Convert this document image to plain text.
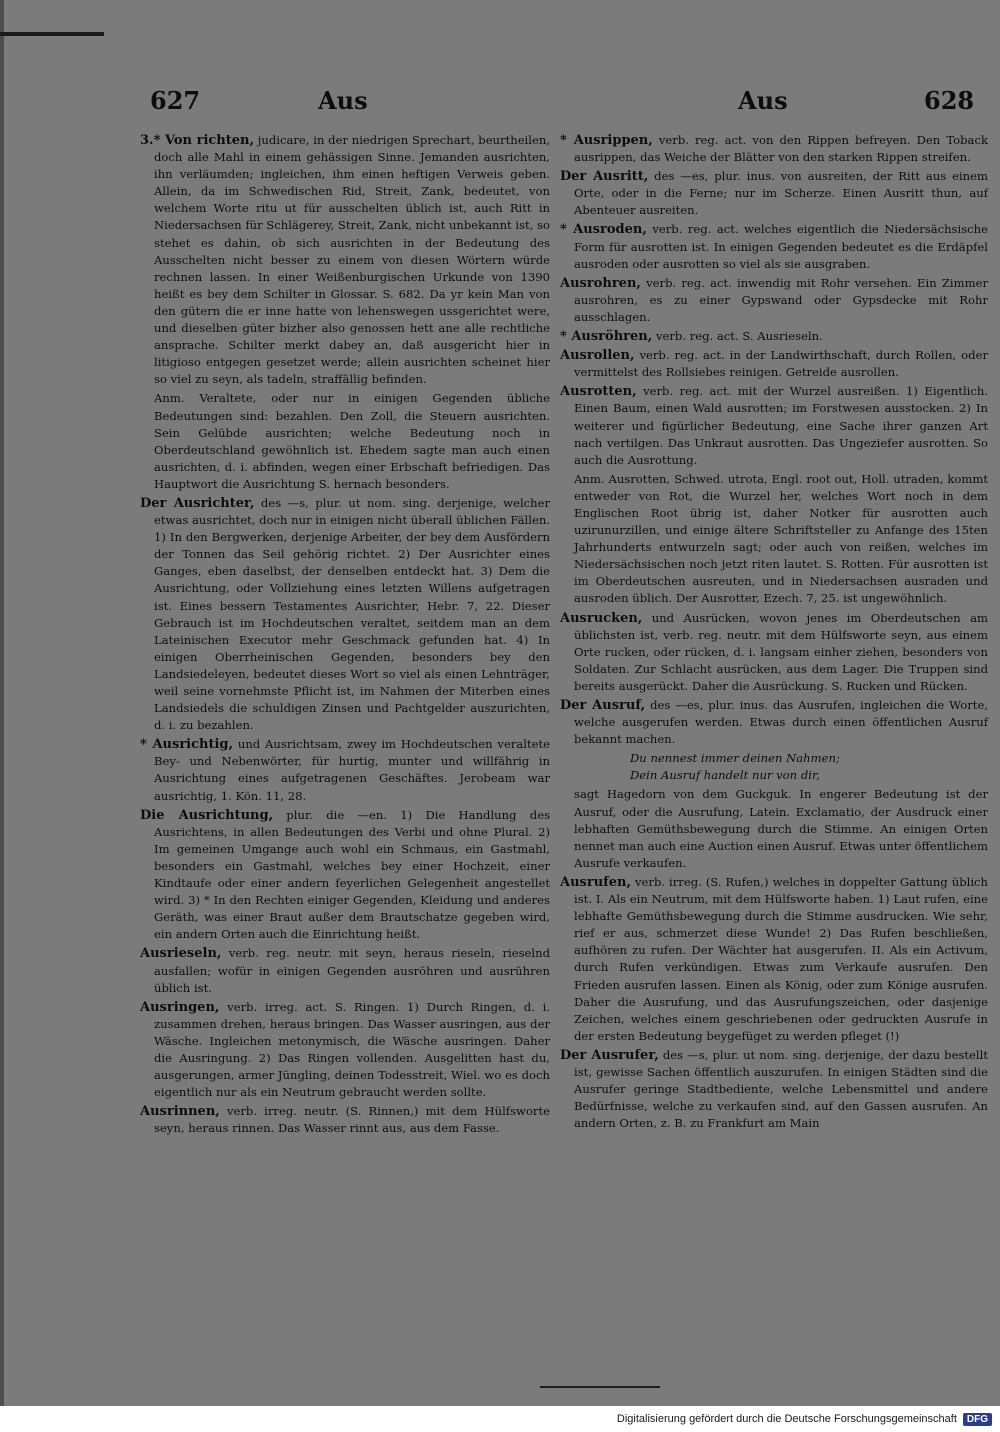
627	Aus	Aus	628

3.* Von richten, judicare, in der niedrigen Sprechart, beurtheilen, doch alle Mahl in einem gehässigen Sinne. Jemanden ausrichten, ihn verläumden; ingleichen, ihm einen heftigen Verweis geben. Allein, da im Schwedischen Rid, Streit, Zank, bedeutet, von welchem Worte ritu ut für ausschelten üblich ist, auch Ritt in Niedersachsen für Schlägerey, Streit, Zank, nicht unbekannt ist, so stehet es dahin, ob sich ausrichten in der Bedeutung des Ausschelten nicht besser zu einem von diesen Wörtern würde rechnen lassen. In einer Weißenburgischen Urkunde von 1390 heißt es bey dem Schilter in Glossar. S. 682. Da yr kein Man von den gütern die er inne hatte von lehenswegen ussgerichtet were, und dieselben güter bizher also genossen hett ane alle rechtliche ansprache. Schilter merkt dabey an, daß ausgericht hier in litigioso entgegen gesetzet werde; allein ausrichten scheinet hier so viel zu seyn, als tadeln, straffällig befinden.

Anm. Veraltete, oder nur in einigen Gegenden übliche Bedeutungen sind: bezahlen. Den Zoll, die Steuern ausrichten. Sein Gelübde ausrichten; welche Bedeutung noch in Oberdeutschland gewöhnlich ist. Ehedem sagte man auch einen ausrichten, d. i. abfinden, wegen einer Erbschaft befriedigen. Das Hauptwort die Ausrichtung S. hernach besonders.

Der Ausrichter, des —s, plur. ut nom. sing. derjenige, welcher etwas ausrichtet, doch nur in einigen nicht überall üblichen Fällen. 1) In den Bergwerken, derjenige Arbeiter, der bey dem Ausfördern der Tonnen das Seil gehörig richtet. 2) Der Ausrichter eines Ganges, eben daselbst, der denselben entdeckt hat. 3) Dem die Ausrichtung, oder Vollziehung eines letzten Willens aufgetragen ist. Eines bessern Testamentes Ausrichter, Hebr. 7, 22. Dieser Gebrauch ist im Hochdeutschen veraltet, seitdem man an dem Lateinischen Executor mehr Geschmack gefunden hat. 4) In einigen Oberrheinischen Gegenden, besonders bey den Landsiedeleyen, bedeutet dieses Wort so viel als einen Lehnträger, weil seine vornehmste Pflicht ist, im Nahmen der Miterben eines Landsiedels die schuldigen Zinsen und Pachtgelder auszurichten, d. i. zu bezahlen.

* Ausrichtig, und Ausrichtsam, zwey im Hochdeutschen veraltete Bey- und Nebenwörter, für hurtig, munter und willfährig in Ausrichtung eines aufgetragenen Geschäftes. Jerobeam war ausrichtig, 1. Kön. 11, 28.

Die Ausrichtung, plur. die —en. 1) Die Handlung des Ausrichtens, in allen Bedeutungen des Verbi und ohne Plural. 2) Im gemeinen Umgange auch wohl ein Schmaus, ein Gastmahl, besonders ein Gastmahl, welches bey einer Hochzeit, einer Kindtaufe oder einer andern feyerlichen Gelegenheit angestellet wird. 3) * In den Rechten einiger Gegenden, Kleidung und anderes Geräth, was einer Braut außer dem Brautschatze gegeben wird, ein andern Orten auch die Einrichtung heißt.

Ausrieseln, verb. reg. neutr. mit seyn, heraus rieseln, rieselnd ausfallen; wofür in einigen Gegenden ausröhren und ausrühren üblich ist.

Ausringen, verb. irreg. act. S. Ringen. 1) Durch Ringen, d. i. zusammen drehen, heraus bringen. Das Wasser ausringen, aus der Wäsche. Ingleichen metonymisch, die Wäsche ausringen. Daher die Ausringung. 2) Das Ringen vollenden. Ausgelitten hast du, ausgerungen, armer Jüngling, deinen Todesstreit, Wiel. wo es doch eigentlich nur als ein Neutrum gebraucht werden sollte.

Ausrinnen, verb. irreg. neutr. (S. Rinnen,) mit dem Hülfsworte seyn, heraus rinnen. Das Wasser rinnt aus, aus dem Fasse.

* Ausrippen, verb. reg. act. von den Rippen befreyen. Den Toback ausrippen, das Weiche der Blätter von den starken Rippen streifen.

Der Ausritt, des —es, plur. inus. von ausreiten, der Ritt aus einem Orte, oder in die Ferne; nur im Scherze. Einen Ausritt thun, auf Abenteuer ausreiten.

* Ausroden, verb. reg. act. welches eigentlich die Niedersächsische Form für ausrotten ist. In einigen Gegenden bedeutet es die Erdäpfel ausroden oder ausrotten so viel als sie ausgraben.

Ausrohren, verb. reg. act. inwendig mit Rohr versehen. Ein Zimmer ausrohren, es zu einer Gypswand oder Gypsdecke mit Rohr ausschlagen.

* Ausröhren, verb. reg. act. S. Ausrieseln.

Ausrollen, verb. reg. act. in der Landwirthschaft, durch Rollen, oder vermittelst des Rollsiebes reinigen. Getreide ausrollen.

Ausrotten, verb. reg. act. mit der Wurzel ausreißen. 1) Eigentlich. Einen Baum, einen Wald ausrotten; im Forstwesen ausstocken. 2) In weiterer und figürlicher Bedeutung, eine Sache ihrer ganzen Art nach vertilgen. Das Unkraut ausrotten. Das Ungeziefer ausrotten. So auch die Ausrottung.

Anm. Ausrotten, Schwed. utrota, Engl. root out, Holl. utraden, kommt entweder von Rot, die Wurzel her, welches Wort noch in dem Englischen Root übrig ist, daher Notker für ausrotten auch uzirunurzillen, und einige ältere Schriftsteller zu Anfange des 15ten Jahrhunderts entwurzeln sagt; oder auch von reißen, welches im Niedersächsischen noch jetzt riten lautet. S. Rotten. Für ausrotten ist im Oberdeutschen ausreuten, und in Niedersachsen ausraden und ausroden üblich. Der Ausrotter, Ezech. 7, 25. ist ungewöhnlich.

Ausrucken, und Ausrücken, wovon jenes im Oberdeutschen am üblichsten ist, verb. reg. neutr. mit dem Hülfsworte seyn, aus einem Orte rucken, oder rücken, d. i. langsam einher ziehen, besonders von Soldaten. Zur Schlacht ausrücken, aus dem Lager. Die Truppen sind bereits ausgerückt. Daher die Ausrückung. S. Rucken und Rücken.

Der Ausruf, des —es, plur. inus. das Ausrufen, ingleichen die Worte, welche ausgerufen werden. Etwas durch einen öffentlichen Ausruf bekannt machen.

Du nennest immer deinen Nahmen;
Dein Ausruf handelt nur von dir,

sagt Hagedorn von dem Guckguk. In engerer Bedeutung ist der Ausruf, oder die Ausrufung, Latein. Exclamatio, der Ausdruck einer lebhaften Gemüthsbewegung durch die Stimme. An einigen Orten nennet man auch eine Auction einen Ausruf. Etwas unter öffentlichem Ausrufe verkaufen.

Ausrufen, verb. irreg. (S. Rufen,) welches in doppelter Gattung üblich ist. I. Als ein Neutrum, mit dem Hülfsworte haben. 1) Laut rufen, eine lebhafte Gemüthsbewegung durch die Stimme ausdrucken. Wie sehr, rief er aus, schmerzet diese Wunde! 2) Das Rufen beschließen, aufhören zu rufen. Der Wächter hat ausgerufen. II. Als ein Activum, durch Rufen verkündigen. Etwas zum Verkaufe ausrufen. Den Frieden ausrufen lassen. Einen als König, oder zum Könige ausrufen. Daher die Ausrufung, und das Ausrufungszeichen, oder dasjenige Zeichen, welches einem geschriebenen oder gedruckten Ausrufe in der ersten Bedeutung beygefüget zu werden pfleget (!)

Der Ausrufer, des —s, plur. ut nom. sing. derjenige, der dazu bestellt ist, gewisse Sachen öffentlich auszurufen. In einigen Städten sind die Ausrufer geringe Stadtbediente, welche Lebensmittel und andere Bedürfnisse, welche zu verkaufen sind, auf den Gassen ausrufen. An andern Orten, z. B. zu Frankfurt am Main

Digitalisierung gefördert durch die Deutsche Forschungsgemeinschaft	DFG
